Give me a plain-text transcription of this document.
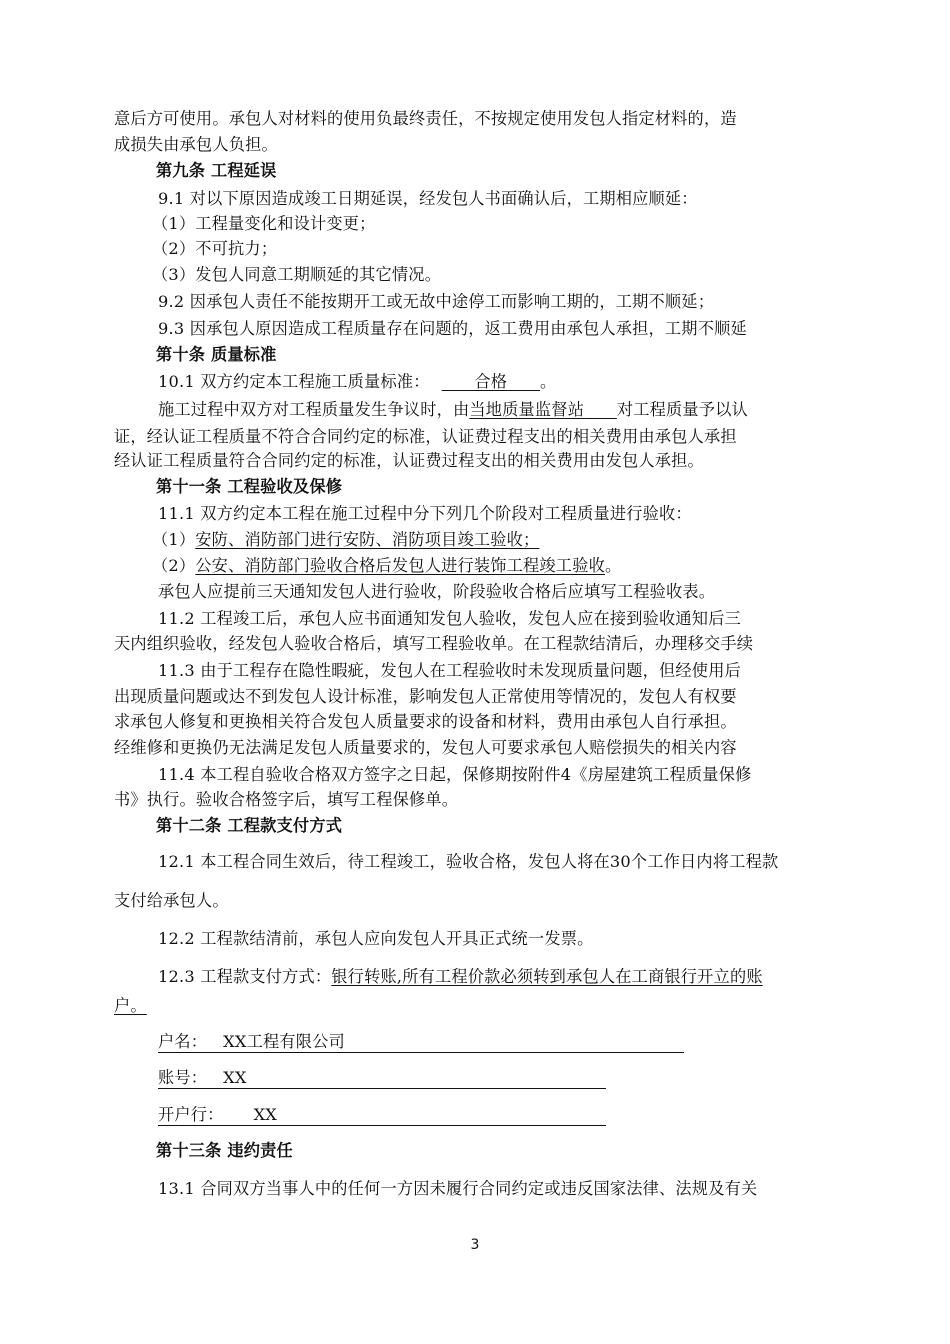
意后方可使用。承包人对材料的使用负最终责任，不按规定使用发包人指定材料的，造
成损失由承包人负担。
第九条 工程延误
9.1 对以下原因造成竣工日期延误，经发包人书面确认后，工期相应顺延：
（1）工程量变化和设计变更；
（2）不可抗力；
（3）发包人同意工期顺延的其它情况。
9.2 因承包人责任不能按期开工或无故中途停工而影响工期的，工期不顺延；
9.3 因承包人原因造成工程质量存在问题的，返工费用由承包人承担，工期不顺延
第十条 质量标准
10.1 双方约定本工程施工质量标准：  	合格   。
施工过程中双方对工程质量发生争议时，由当地质量监督站   对工程质量予以认
证，经认证工程质量不符合合同约定的标准，认证费过程支出的相关费用由承包人承担
经认证工程质量符合合同约定的标准，认证费过程支出的相关费用由发包人承担。
第十一条 工程验收及保修
11.1 双方约定本工程在施工过程中分下列几个阶段对工程质量进行验收：
（1）安防、消防部门进行安防、消防项目竣工验收；
（2）公安、消防部门验收合格后发包人进行装饰工程竣工验收。
承包人应提前三天通知发包人进行验收，阶段验收合格后应填写工程验收表。
11.2 工程竣工后，承包人应书面通知发包人验收，发包人应在接到验收通知后三
天内组织验收，经发包人验收合格后，填写工程验收单。在工程款结清后，办理移交手续
11.3 由于工程存在隐性暇疵，发包人在工程验收时未发现质量问题，但经使用后
出现质量问题或达不到发包人设计标准，影响发包人正常使用等情况的，发包人有权要
求承包人修复和更换相关符合发包人质量要求的设备和材料，费用由承包人自行承担。
经维修和更换仍无法满足发包人质量要求的，发包人可要求承包人赔偿损失的相关内容
11.4 本工程自验收合格双方签字之日起，保修期按附件4《房屋建筑工程质量保修
书》执行。验收合格签字后，填写工程保修单。
第十二条 工程款支付方式
12.1 本工程合同生效后，待工程竣工，验收合格，发包人将在30个工作日内将工程款
支付给承包人。
12.2 工程款结清前，承包人应向发包人开具正式统一发票。
12.3 工程款支付方式：银行转账,所有工程价款必须转到承包人在工商银行开立的账
户。
户名： XX工程有限公司
账号： XX
开户行： XX
第十三条 违约责任
13.1 合同双方当事人中的任何一方因未履行合同约定或违反国家法律、法规及有关
3
